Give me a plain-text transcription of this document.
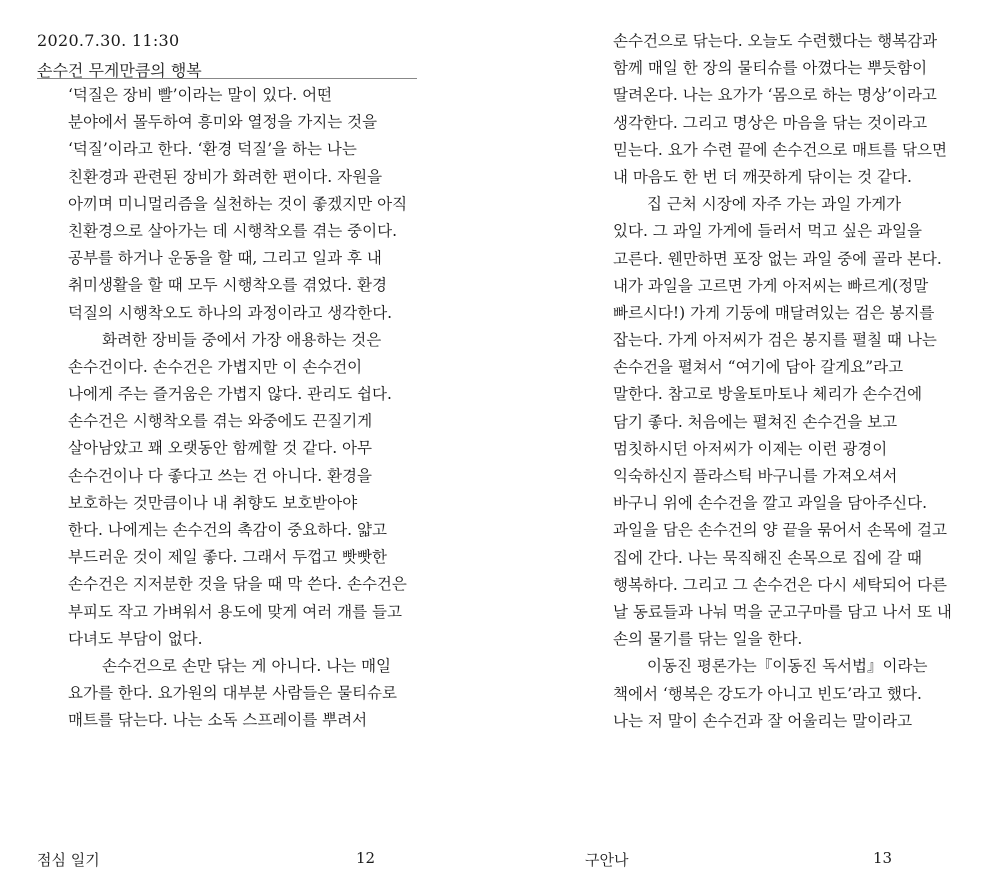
2020.7.30. 11:30
손수건 무게만큼의 행복
‘덕질은 장비 빨’이라는 말이 있다. 어떤
분야에서 몰두하여 흥미와 열정을 가지는 것을
‘덕질’이라고 한다. ‘환경 덕질’을 하는 나는
친환경과 관련된 장비가 화려한 편이다. 자원을
아끼며 미니멀리즘을 실천하는 것이 좋겠지만 아직
친환경으로 살아가는 데 시행착오를 겪는 중이다.
공부를 하거나 운동을 할 때, 그리고 일과 후 내
취미생활을 할 때 모두 시행착오를 겪었다. 환경
덕질의 시행착오도 하나의 과정이라고 생각한다.
화려한 장비들 중에서 가장 애용하는 것은
손수건이다. 손수건은 가볍지만 이 손수건이
나에게 주는 즐거움은 가볍지 않다. 관리도 쉽다.
손수건은 시행착오를 겪는 와중에도 끈질기게
살아남았고 꽤 오랫동안 함께할 것 같다. 아무
손수건이나 다 좋다고 쓰는 건 아니다. 환경을
보호하는 것만큼이나 내 취향도 보호받아야
한다. 나에게는 손수건의 촉감이 중요하다. 얇고
부드러운 것이 제일 좋다. 그래서 두껍고 빳빳한
손수건은 지저분한 것을 닦을 때 막 쓴다. 손수건은
부피도 작고 가벼워서 용도에 맞게 여러 개를 들고
다녀도 부담이 없다.
손수건으로 손만 닦는 게 아니다. 나는 매일
요가를 한다. 요가원의 대부분 사람들은 물티슈로
매트를 닦는다. 나는 소독 스프레이를 뿌려서
점심 일기	12
손수건으로 닦는다. 오늘도 수련했다는 행복감과
함께 매일 한 장의 물티슈를 아꼈다는 뿌듯함이
딸려온다. 나는 요가가 ‘몸으로 하는 명상’이라고
생각한다. 그리고 명상은 마음을 닦는 것이라고
믿는다. 요가 수련 끝에 손수건으로 매트를 닦으면
내 마음도 한 번 더 깨끗하게 닦이는 것 같다.
집 근처 시장에 자주 가는 과일 가게가
있다. 그 과일 가게에 들러서 먹고 싶은 과일을
고른다. 웬만하면 포장 없는 과일 중에 골라 본다.
내가 과일을 고르면 가게 아저씨는 빠르게(정말
빠르시다!) 가게 기둥에 매달려있는 검은 봉지를
잡는다. 가게 아저씨가 검은 봉지를 펼칠 때 나는
손수건을 펼쳐서 “여기에 담아 갈게요”라고
말한다. 참고로 방울토마토나 체리가 손수건에
담기 좋다. 처음에는 펼쳐진 손수건을 보고
멈칫하시던 아저씨가 이제는 이런 광경이
익숙하신지 플라스틱 바구니를 가져오셔서
바구니 위에 손수건을 깔고 과일을 담아주신다.
과일을 담은 손수건의 양 끝을 묶어서 손목에 걸고
집에 간다. 나는 묵직해진 손목으로 집에 갈 때
행복하다. 그리고 그 손수건은 다시 세탁되어 다른
날 동료들과 나눠 먹을 군고구마를 담고 나서 또 내
손의 물기를 닦는 일을 한다.
이동진 평론가는『이동진 독서법』이라는
책에서 ‘행복은 강도가 아니고 빈도’라고 했다.
나는 저 말이 손수건과 잘 어울리는 말이라고
구안나	13
